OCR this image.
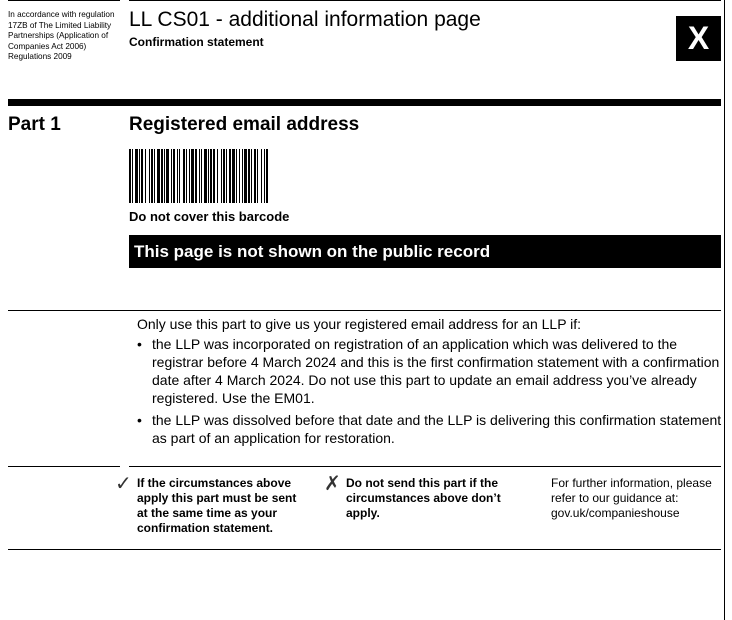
In accordance with regulation 17ZB of The Limited Liability Partnerships (Application of Companies Act 2006) Regulations 2009
LL CS01 - additional information page
Confirmation statement	X
Part 1	Registered email address
Do not cover this barcode
This page is not shown on the public record
Only use this part to give us your registered email address for an LLP if:
• the LLP was incorporated on registration of an application which was delivered to the registrar before 4 March 2024 and this is the first confirmation statement with a confirmation date after 4 March 2024. Do not use this part to update an email address you’ve already registered. Use the EM01.
• the LLP was dissolved before that date and the LLP is delivering this confirmation statement as part of an application for restoration.
✓ If the circumstances above apply this part must be sent at the same time as your confirmation statement.
✗ Do not send this part if the circumstances above don’t apply.
For further information, please refer to our guidance at: gov.uk/companieshouse
